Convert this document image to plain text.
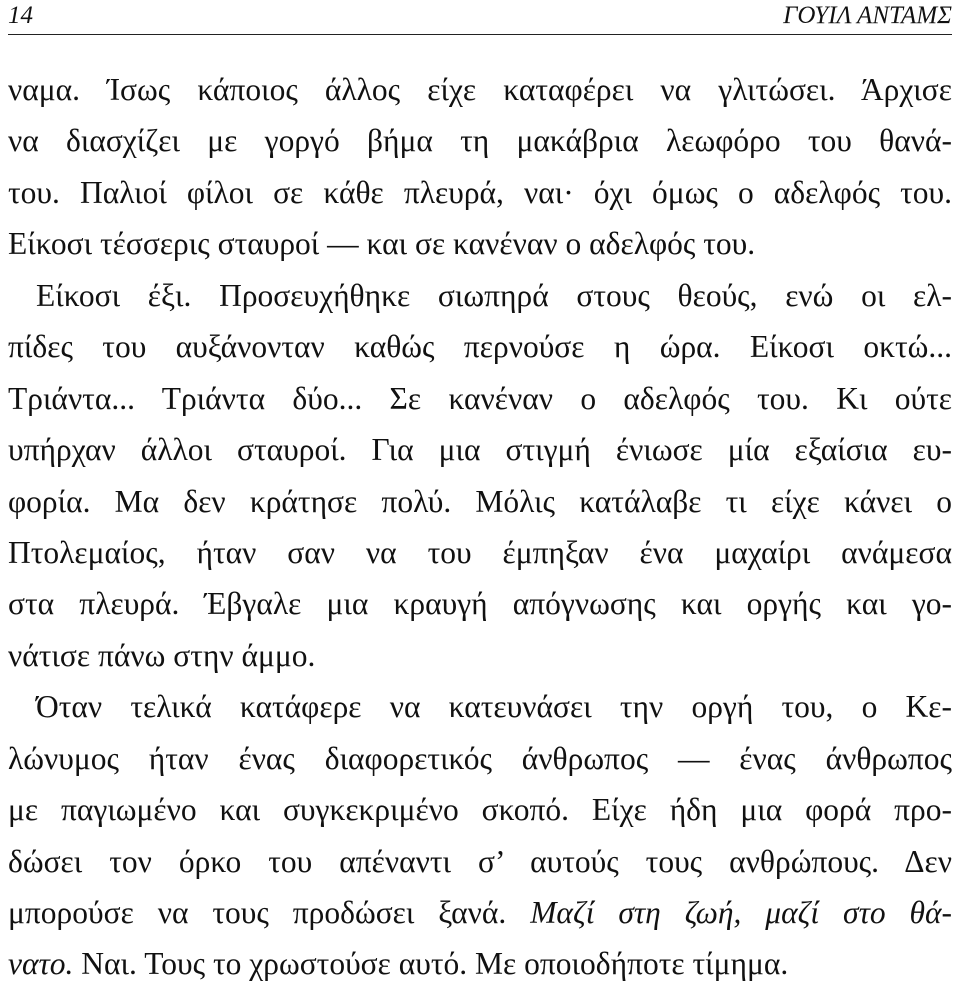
14	ΓΟΥΙΛ ΑΝΤΑΜΣ
ναμα. Ίσως κάποιος άλλος είχε καταφέρει να γλιτώσει. Άρχισε
να διασχίζει με γοργό βήμα τη μακάβρια λεωφόρο του θανά-
του. Παλιοί φίλοι σε κάθε πλευρά, ναι· όχι όμως ο αδελφός του.
Είκοσι τέσσερις σταυροί — και σε κανέναν ο αδελφός του.
Είκοσι έξι. Προσευχήθηκε σιωπηρά στους θεούς, ενώ οι ελ-
πίδες του αυξάνονταν καθώς περνούσε η ώρα. Είκοσι οκτώ...
Τριάντα... Τριάντα δύο... Σε κανέναν ο αδελφός του. Κι ούτε
υπήρχαν άλλοι σταυροί. Για μια στιγμή ένιωσε μία εξαίσια ευ-
φορία. Μα δεν κράτησε πολύ. Μόλις κατάλαβε τι είχε κάνει ο
Πτολεμαίος, ήταν σαν να του έμπηξαν ένα μαχαίρι ανάμεσα
στα πλευρά. Έβγαλε μια κραυγή απόγνωσης και οργής και γο-
νάτισε πάνω στην άμμο.
Όταν τελικά κατάφερε να κατευνάσει την οργή του, ο Κε-
λώνυμος ήταν ένας διαφορετικός άνθρωπος — ένας άνθρωπος
με παγιωμένο και συγκεκριμένο σκοπό. Είχε ήδη μια φορά προ-
δώσει τον όρκο του απέναντι σ’ αυτούς τους ανθρώπους. Δεν
μπορούσε να τους προδώσει ξανά. Μαζί στη ζωή, μαζί στο θά-
νατο. Ναι. Τους το χρωστούσε αυτό. Με οποιοδήποτε τίμημα.
